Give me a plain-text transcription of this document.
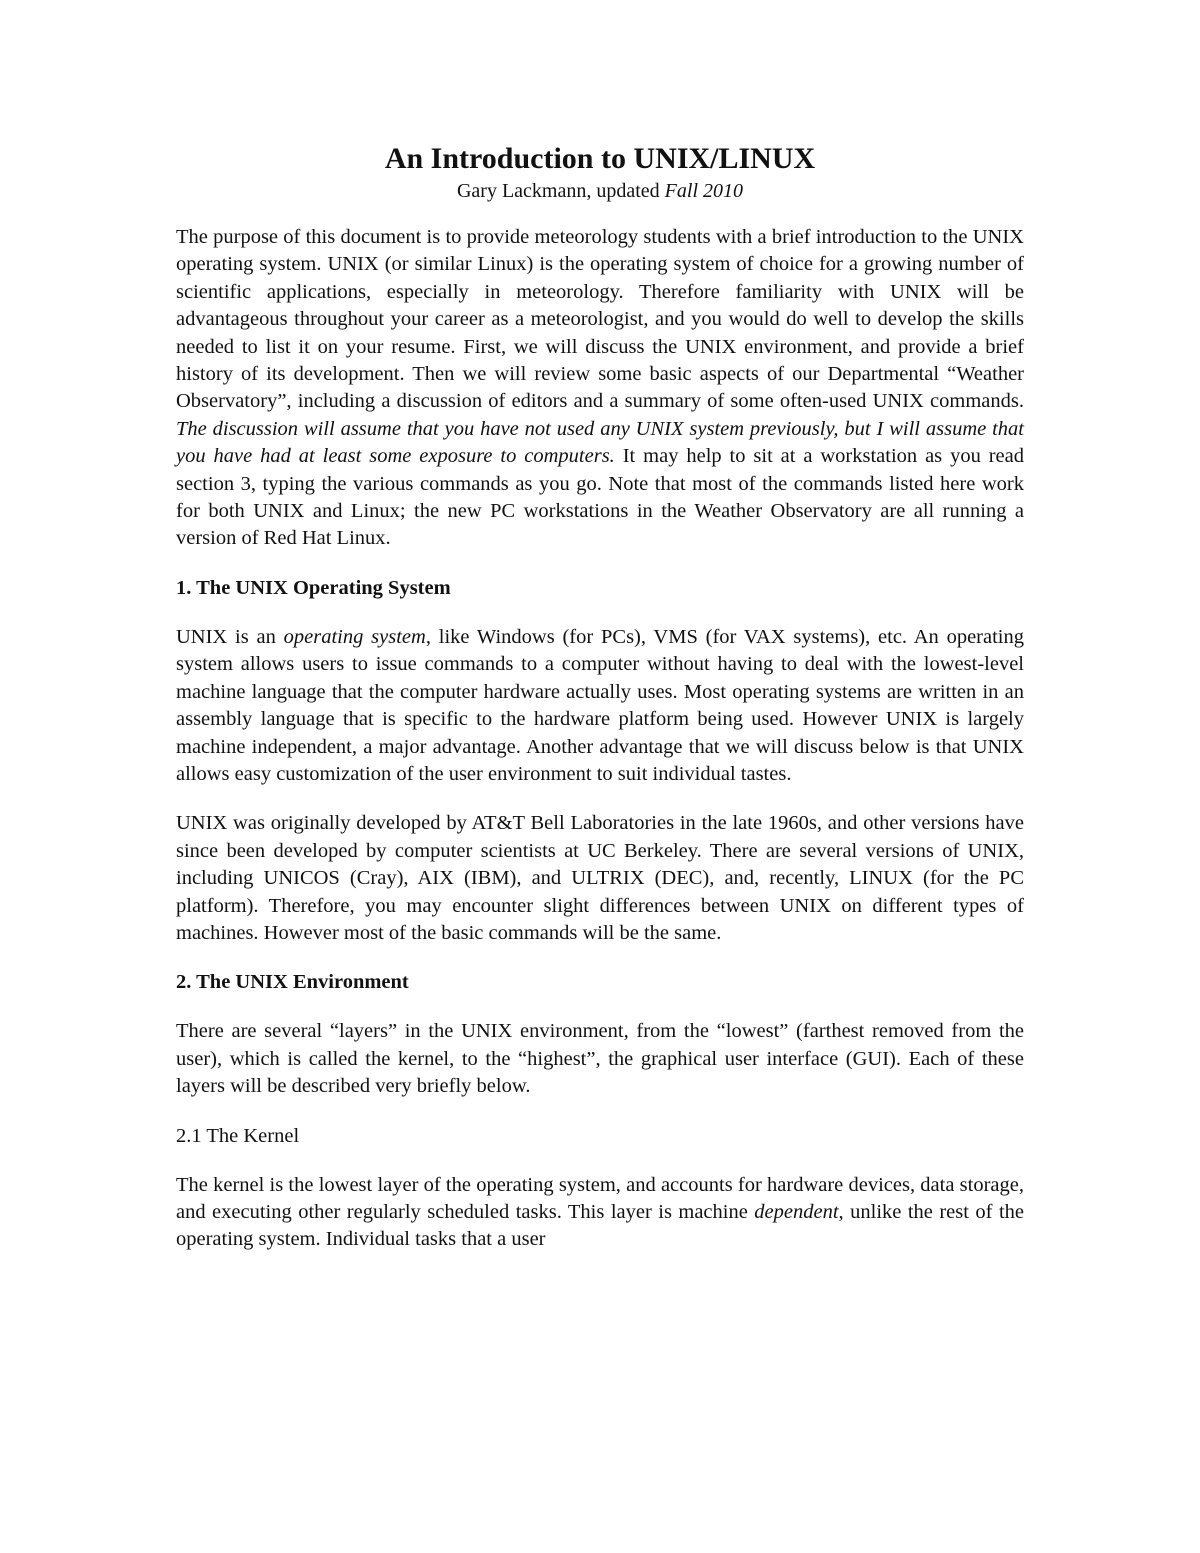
An Introduction to UNIX/LINUX
Gary Lackmann, updated Fall 2010

The purpose of this document is to provide meteorology students with a brief introduction to the UNIX operating system. UNIX (or similar Linux) is the operating system of choice for a growing number of scientific applications, especially in meteorology. Therefore familiarity with UNIX will be advantageous throughout your career as a meteorologist, and you would do well to develop the skills needed to list it on your resume. First, we will discuss the UNIX environment, and provide a brief history of its development. Then we will review some basic aspects of our Departmental “Weather Observatory”, including a discussion of editors and a summary of some often-used UNIX commands. The discussion will assume that you have not used any UNIX system previously, but I will assume that you have had at least some exposure to computers. It may help to sit at a workstation as you read section 3, typing the various commands as you go. Note that most of the commands listed here work for both UNIX and Linux; the new PC workstations in the Weather Observatory are all running a version of Red Hat Linux.

1. The UNIX Operating System

UNIX is an operating system, like Windows (for PCs), VMS (for VAX systems), etc. An operating system allows users to issue commands to a computer without having to deal with the lowest-level machine language that the computer hardware actually uses. Most operating systems are written in an assembly language that is specific to the hardware platform being used. However UNIX is largely machine independent, a major advantage. Another advantage that we will discuss below is that UNIX allows easy customization of the user environment to suit individual tastes.

UNIX was originally developed by AT&T Bell Laboratories in the late 1960s, and other versions have since been developed by computer scientists at UC Berkeley. There are several versions of UNIX, including UNICOS (Cray), AIX (IBM), and ULTRIX (DEC), and, recently, LINUX (for the PC platform). Therefore, you may encounter slight differences between UNIX on different types of machines. However most of the basic commands will be the same.

2. The UNIX Environment

There are several “layers” in the UNIX environment, from the “lowest” (farthest removed from the user), which is called the kernel, to the “highest”, the graphical user interface (GUI). Each of these layers will be described very briefly below.

2.1 The Kernel

The kernel is the lowest layer of the operating system, and accounts for hardware devices, data storage, and executing other regularly scheduled tasks. This layer is machine dependent, unlike the rest of the operating system. Individual tasks that a user
